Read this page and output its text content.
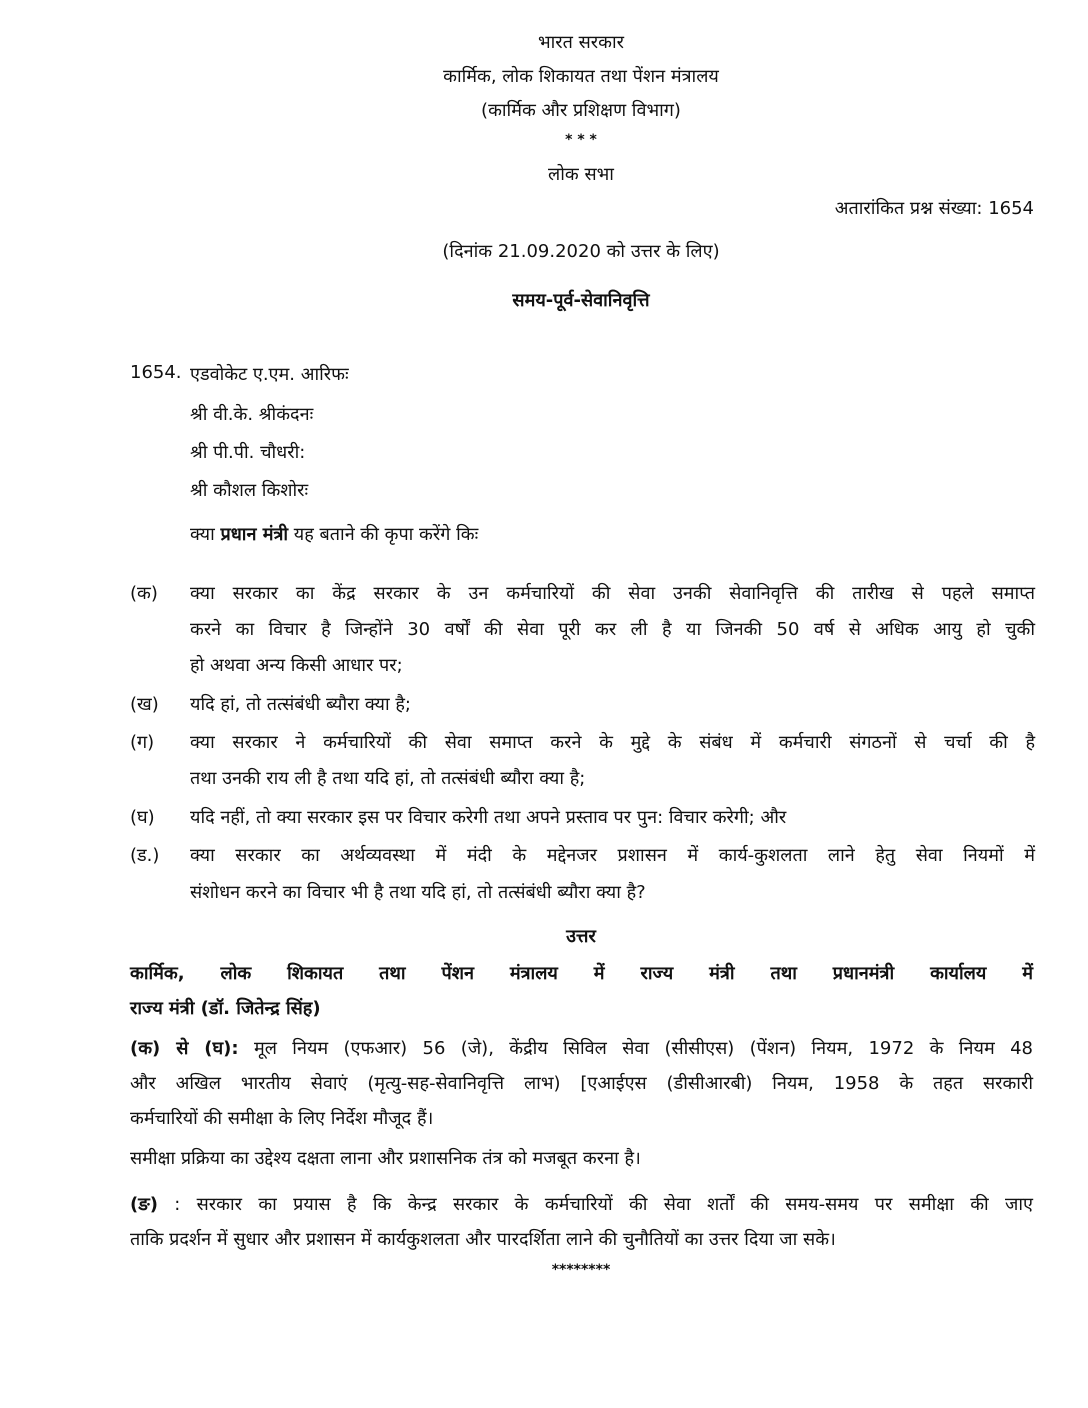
भारत सरकार
कार्मिक, लोक शिकायत तथा पेंशन मंत्रालय
(कार्मिक और प्रशिक्षण विभाग)
* * *
लोक सभा
अतारांकित प्रश्न संख्या: 1654
(दिनांक 21.09.2020 को उत्तर के लिए)
समय-पूर्व-सेवानिवृत्ति
1654. एडवोकेट ए.एम. आरिफः
श्री वी.के. श्रीकंदनः
श्री पी.पी. चौधरी:
श्री कौशल किशोरः
क्या प्रधान मंत्री यह बताने की कृपा करेंगे किः
(क) क्या सरकार का केंद्र सरकार के उन कर्मचारियों की सेवा उनकी सेवानिवृत्ति की तारीख से पहले समाप्त
करने का विचार है जिन्होंने 30 वर्षों की सेवा पूरी कर ली है या जिनकी 50 वर्ष से अधिक आयु हो चुकी
हो अथवा अन्य किसी आधार पर;
(ख) यदि हां, तो तत्संबंधी ब्यौरा क्या है;
(ग) क्या सरकार ने कर्मचारियों की सेवा समाप्त करने के मुद्दे के संबंध में कर्मचारी संगठनों से चर्चा की है
तथा उनकी राय ली है तथा यदि हां, तो तत्संबंधी ब्यौरा क्या है;
(घ) यदि नहीं, तो क्या सरकार इस पर विचार करेगी तथा अपने प्रस्ताव पर पुन: विचार करेगी; और
(ड.) क्या सरकार का अर्थव्यवस्था में मंदी के मद्देनजर प्रशासन में कार्य-कुशलता लाने हेतु सेवा नियमों में
संशोधन करने का विचार भी है तथा यदि हां, तो तत्संबंधी ब्यौरा क्या है?
उत्तर
कार्मिक, लोक शिकायत तथा पेंशन मंत्रालय में राज्य मंत्री तथा प्रधानमंत्री कार्यालय में
राज्य मंत्री (डॉ. जितेन्द्र सिंह)
(क) से (घ): मूल नियम (एफआर) 56 (जे), केंद्रीय सिविल सेवा (सीसीएस) (पेंशन) नियम, 1972 के नियम 48
और अखिल भारतीय सेवाएं (मृत्यु-सह-सेवानिवृत्ति लाभ) [एआईएस (डीसीआरबी) नियम, 1958 के तहत सरकारी
कर्मचारियों की समीक्षा के लिए निर्देश मौजूद हैं।
समीक्षा प्रक्रिया का उद्देश्य दक्षता लाना और प्रशासनिक तंत्र को मजबूत करना है।
(ङ) : सरकार का प्रयास है कि केन्द्र सरकार के कर्मचारियों की सेवा शर्तों की समय-समय पर समीक्षा की जाए
ताकि प्रदर्शन में सुधार और प्रशासन में कार्यकुशलता और पारदर्शिता लाने की चुनौतियों का उत्तर दिया जा सके।
********
